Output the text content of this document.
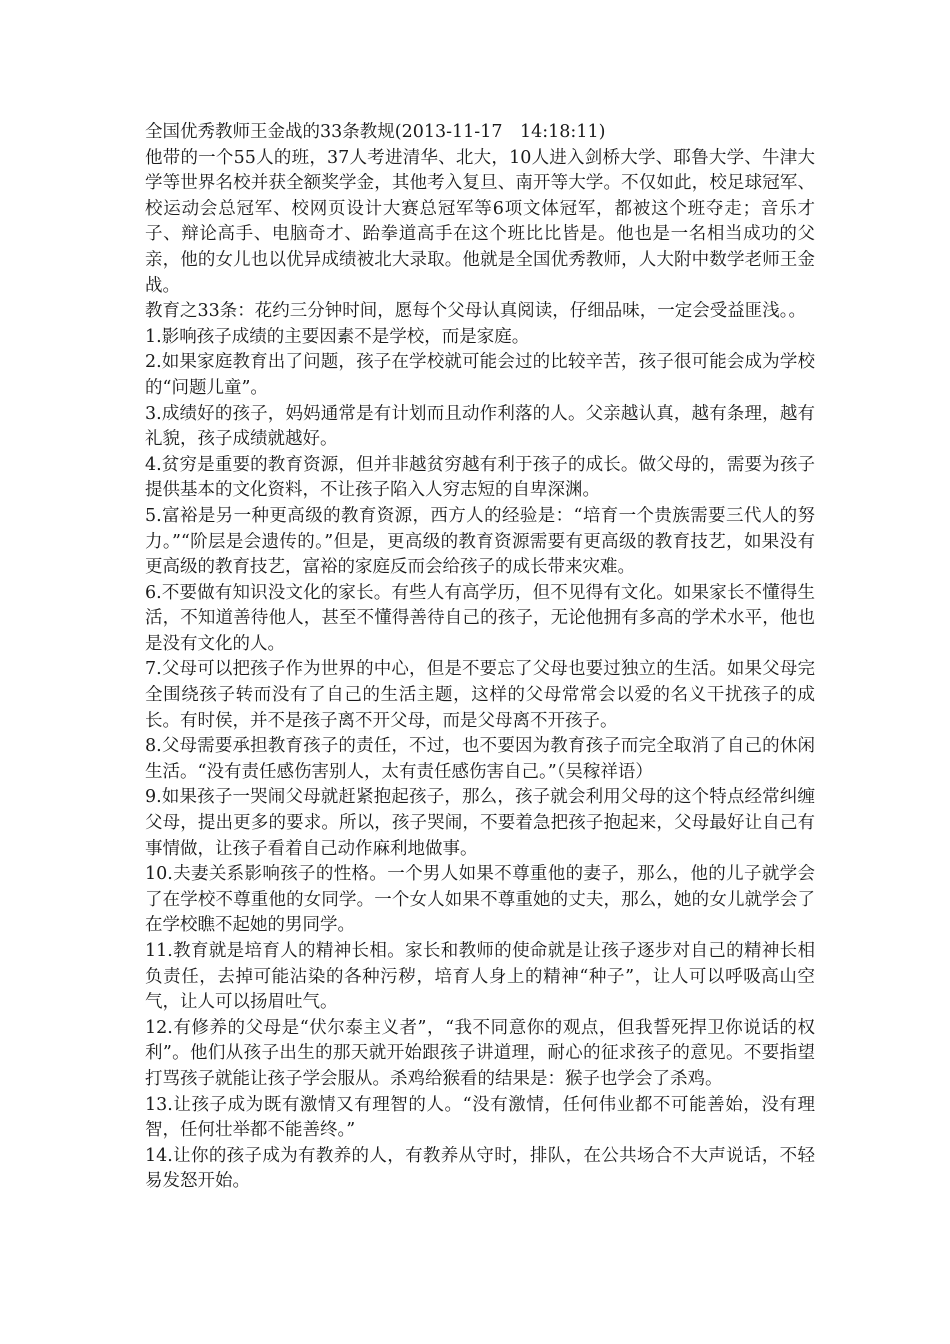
全国优秀教师王金战的33条教规(2013-11-17　14:18:11)

他带的一个55人的班，37人考进清华、北大，10人进入剑桥大学、耶鲁大学、牛津大学等世界名校并获全额奖学金，其他考入复旦、南开等大学。不仅如此，校足球冠军、校运动会总冠军、校网页设计大赛总冠军等6项文体冠军，都被这个班夺走；音乐才子、辩论高手、电脑奇才、跆拳道高手在这个班比比皆是。他也是一名相当成功的父亲，他的女儿也以优异成绩被北大录取。他就是全国优秀教师，人大附中数学老师王金战。

教育之33条：花约三分钟时间，愿每个父母认真阅读，仔细品味，一定会受益匪浅。。

1.影响孩子成绩的主要因素不是学校，而是家庭。

2.如果家庭教育出了问题，孩子在学校就可能会过的比较辛苦，孩子很可能会成为学校的“问题儿童”。

3.成绩好的孩子，妈妈通常是有计划而且动作利落的人。父亲越认真，越有条理，越有礼貌，孩子成绩就越好。

4.贫穷是重要的教育资源，但并非越贫穷越有利于孩子的成长。做父母的，需要为孩子提供基本的文化资料，不让孩子陷入人穷志短的自卑深渊。

5.富裕是另一种更高级的教育资源，西方人的经验是：“培育一个贵族需要三代人的努力。”“阶层是会遗传的。”但是，更高级的教育资源需要有更高级的教育技艺，如果没有更高级的教育技艺，富裕的家庭反而会给孩子的成长带来灾难。

6.不要做有知识没文化的家长。有些人有高学历，但不见得有文化。如果家长不懂得生活，不知道善待他人，甚至不懂得善待自己的孩子，无论他拥有多高的学术水平，他也是没有文化的人。

7.父母可以把孩子作为世界的中心，但是不要忘了父母也要过独立的生活。如果父母完全围绕孩子转而没有了自己的生活主题，这样的父母常常会以爱的名义干扰孩子的成长。有时侯，并不是孩子离不开父母，而是父母离不开孩子。

8.父母需要承担教育孩子的责任，不过，也不要因为教育孩子而完全取消了自己的休闲生活。“没有责任感伤害别人，太有责任感伤害自己。”（吴稼祥语）

9.如果孩子一哭闹父母就赶紧抱起孩子，那么，孩子就会利用父母的这个特点经常纠缠父母，提出更多的要求。所以，孩子哭闹，不要着急把孩子抱起来，父母最好让自己有事情做，让孩子看着自己动作麻利地做事。

10.夫妻关系影响孩子的性格。一个男人如果不尊重他的妻子，那么，他的儿子就学会了在学校不尊重他的女同学。一个女人如果不尊重她的丈夫，那么，她的女儿就学会了在学校瞧不起她的男同学。

11.教育就是培育人的精神长相。家长和教师的使命就是让孩子逐步对自己的精神长相负责任，去掉可能沾染的各种污秽，培育人身上的精神“种子”，让人可以呼吸高山空气，让人可以扬眉吐气。

12.有修养的父母是“伏尔泰主义者”，“我不同意你的观点，但我誓死捍卫你说话的权利”。他们从孩子出生的那天就开始跟孩子讲道理，耐心的征求孩子的意见。不要指望打骂孩子就能让孩子学会服从。杀鸡给猴看的结果是：猴子也学会了杀鸡。

13.让孩子成为既有激情又有理智的人。“没有激情，任何伟业都不可能善始，没有理智，任何壮举都不能善终。”

14.让你的孩子成为有教养的人，有教养从守时，排队，在公共场合不大声说话，不轻易发怒开始。
